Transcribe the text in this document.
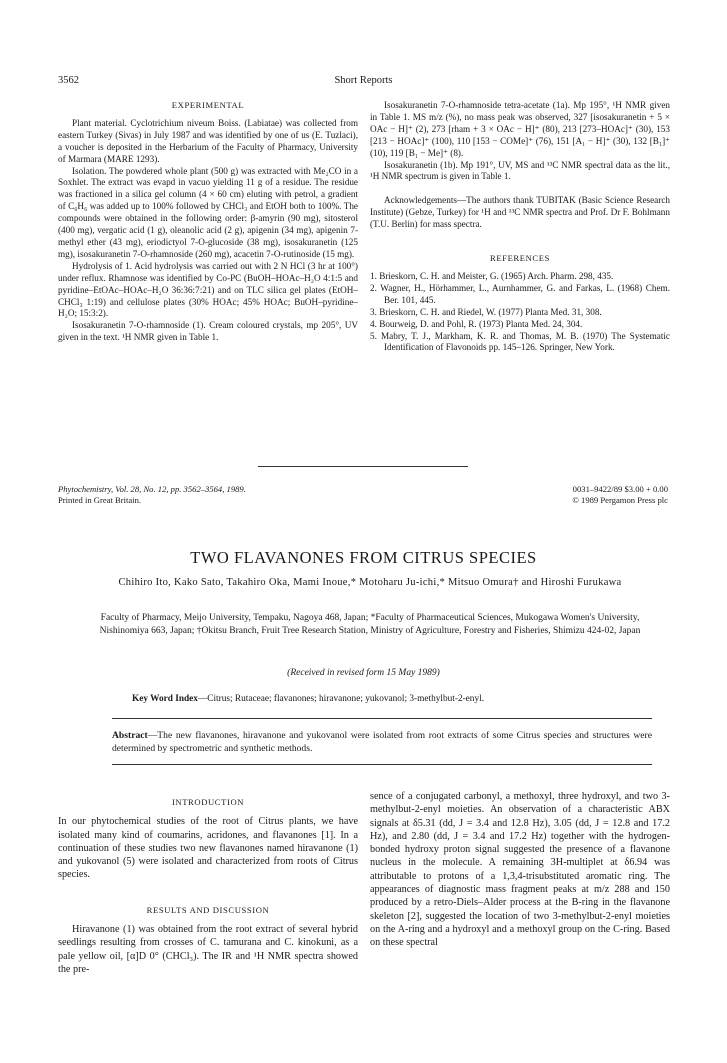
3562	Short Reports

EXPERIMENTAL

Plant material. Cyclotrichium niveum Boiss. (Labiatae) was collected from eastern Turkey (Sivas) in July 1987 and was identified by one of us (E. Tuzlaci), a voucher is deposited in the Herbarium of the Faculty of Pharmacy, University of Marmara (MARE 1293).

Isolation. The powdered whole plant (500 g) was extracted with Me₂CO in a Soxhlet. The extract was evapd in vacuo yielding 11 g of a residue. The residue was fractioned in a silica gel column (4 × 60 cm) eluting with petrol, a gradient of C₆H₆ was added up to 100% followed by CHCl₃ and EtOH both to 100%. The compounds were obtained in the following order: β-amyrin (90 mg), sitosterol (400 mg), vergatic acid (1 g), oleanolic acid (2 g), apigenin (34 mg), apigenin 7-methyl ether (43 mg), eriodictyol 7-O-glucoside (38 mg), isosakuranetin (125 mg), isosakuranetin 7-O-rhamnoside (260 mg), acacetin 7-O-rutinoside (15 mg).

Hydrolysis of 1. Acid hydrolysis was carried out with 2 N HCl (3 hr at 100°) under reflux. Rhamnose was identified by Co-PC (BuOH–HOAc–H₂O 4:1:5 and pyridine–EtOAc–HOAc–H₂O 36:36:7:21) and on TLC silica gel plates (EtOH–CHCl₃ 1:19) and cellulose plates (30% HOAc; 45% HOAc; BuOH–pyridine–H₂O; 15:3:2).

Isosakuranetin 7-O-rhamnoside (1). Cream coloured crystals, mp 205°, UV given in the text. ¹H NMR given in Table 1.

Isosakuranetin 7-O-rhamnoside tetra-acetate (1a). Mp 195°, ¹H NMR given in Table 1. MS m/z (%), no mass peak was observed, 327 [isosakuranetin + 5 × OAc − H]⁺ (2), 273 [rham + 3 × OAc − H]⁺ (80), 213 [273–HOAc]⁺ (30), 153 [213 − HOAc]⁺ (100), 110 [153 − COMe]⁺ (76), 151 [A₁ − H]⁺ (30), 132 [B₁]⁺ (10), 119 [B₁ − Me]⁺ (8).

Isosakuranetin (1b). Mp 191°, UV, MS and ¹³C NMR spectral data as the lit., ¹H NMR spectrum is given in Table 1.

Acknowledgements—The authors thank TUBITAK (Basic Science Research Institute) (Gebze, Turkey) for ¹H and ¹³C NMR spectra and Prof. Dr F. Bohlmann (T.U. Berlin) for mass spectra.

REFERENCES

1. Brieskorn, C. H. and Meister, G. (1965) Arch. Pharm. 298, 435.
2. Wagner, H., Hörhammer, L., Aurnhammer, G. and Farkas, L. (1968) Chem. Ber. 101, 445.
3. Brieskorn, C. H. and Riedel, W. (1977) Planta Med. 31, 308.
4. Bourweig, D. and Pohl, R. (1973) Planta Med. 24, 304.
5. Mabry, T. J., Markham, K. R. and Thomas, M. B. (1970) The Systematic Identification of Flavonoids pp. 145–126. Springer, New York.
Phytochemistry, Vol. 28, No. 12, pp. 3562–3564, 1989.
Printed in Great Britain.
0031–9422/89 $3.00 + 0.00
© 1989 Pergamon Press plc
TWO FLAVANONES FROM CITRUS SPECIES
Chihiro Ito, Kako Sato, Takahiro Oka, Mami Inoue,* Motoharu Ju-ichi,* Mitsuo Omura† and Hiroshi Furukawa
Faculty of Pharmacy, Meijo University, Tempaku, Nagoya 468, Japan; *Faculty of Pharmaceutical Sciences, Mukogawa Women's University, Nishinomiya 663, Japan; †Okitsu Branch, Fruit Tree Research Station, Ministry of Agriculture, Forestry and Fisheries, Shimizu 424-02, Japan
(Received in revised form 15 May 1989)
Key Word Index—Citrus; Rutaceae; flavanones; hiravanone; yukovanol; 3-methylbut-2-enyl.
Abstract—The new flavanones, hiravanone and yukovanol were isolated from root extracts of some Citrus species and structures were determined by spectrometric and synthetic methods.

INTRODUCTION

In our phytochemical studies of the root of Citrus plants, we have isolated many kind of coumarins, acridones, and flavanones [1]. In a continuation of these studies two new flavanones named hiravanone (1) and yukovanol (5) were isolated and characterized from roots of Citrus species.

RESULTS AND DISCUSSION

Hiravanone (1) was obtained from the root extract of several hybrid seedlings resulting from crosses of C. tamurana and C. kinokuni, as a pale yellow oil, [α]D 0° (CHCl₃). The IR and ¹H NMR spectra showed the pre-

sence of a conjugated carbonyl, a methoxyl, three hydroxyl, and two 3-methylbut-2-enyl moieties. An observation of a characteristic ABX signals at δ5.31 (dd, J = 3.4 and 12.8 Hz), 3.05 (dd, J = 12.8 and 17.2 Hz), and 2.80 (dd, J = 3.4 and 17.2 Hz) together with the hydrogen-bonded hydroxy proton signal suggested the presence of a flavanone nucleus in the molecule. A remaining 3H-multiplet at δ6.94 was attributable to protons of a 1,3,4-trisubstituted aromatic ring. The appearances of diagnostic mass fragment peaks at m/z 288 and 150 produced by a retro-Diels–Alder process at the B-ring in the flavanone skeleton [2], suggested the location of two 3-methylbut-2-enyl moieties on the A-ring and a hydroxyl and a methoxyl group on the C-ring. Based on these spectral
